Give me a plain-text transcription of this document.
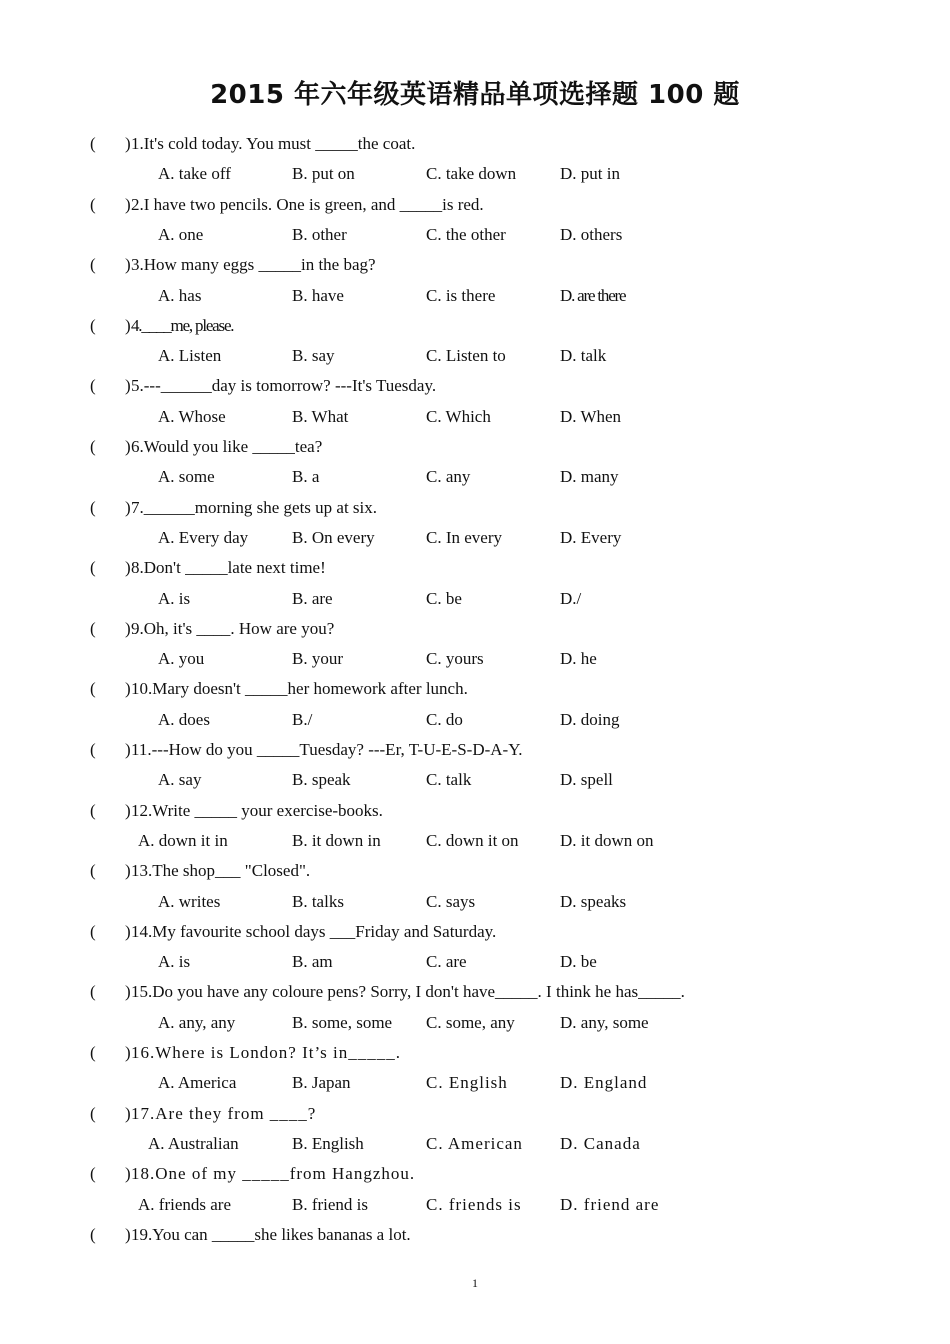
2015 年六年级英语精品单项选择题 100 题
( ) 1.It's cold today. You must _____the coat.
A. take off	B. put on	C. take down	D. put in
( ) 2.I have two pencils. One is green, and _____is red.
A. one	B. other	C. the other	D. others
( ) 3.How many eggs _____in the bag?
A. has	B. have	C. is there	D. are there
( ) 4.____me, please.
A. Listen	B. say	C. Listen to	D. talk
( ) 5.---______day is tomorrow? ---It's Tuesday.
A. Whose	B. What	C. Which	D. When
( ) 6.Would you like _____tea?
A. some	B. a	C. any	D. many
( ) 7.______morning she gets up at six.
A. Every day	B. On every	C. In every	D. Every
( ) 8.Don't _____late next time!
A. is	B. are	C. be	D./
( ) 9.Oh, it's ____. How are you?
A. you	B. your	C. yours	D. he
( ) 10.Mary doesn't _____her homework after lunch.
A. does	B./	C. do	D. doing
( ) 11.---How do you _____Tuesday? ---Er, T-U-E-S-D-A-Y.
A. say	B. speak	C. talk	D. spell
( ) 12.Write _____ your exercise-books.
A. down it in	B. it down in	C. down it on D. it down on
( ) 13.The shop___ "Closed".
A. writes	B. talks	C. says	D. speaks
( ) 14.My favourite school days ___Friday and Saturday.
A. is	B. am	C. are	D. be
( ) 15.Do you have any coloure pens? Sorry, I don't have_____. I think he has_____.
A. any, any	B. some, some C. some, any	D. any, some
( ) 16.Where is London? It’s in_____.
A. America	B. Japan	C. English	D. England
( ) 17.Are they from ____?
A. Australian	B. English	C. American D. Canada
( ) 18.One of my _____from Hangzhou.
A. friends are	B. friend is	C. friends is D. friend are
( ) 19.You can _____she likes bananas a lot.
1
